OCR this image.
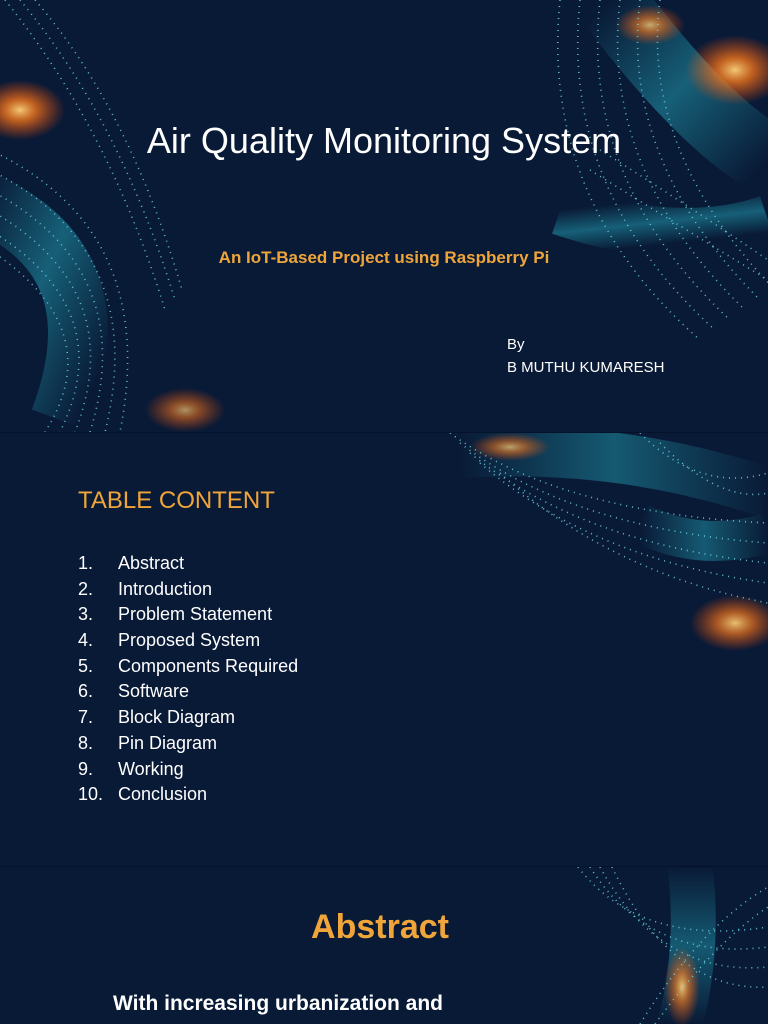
Air Quality Monitoring System
An IoT-Based Project using Raspberry Pi
By
B MUTHU KUMARESH
TABLE CONTENT
1. Abstract
2. Introduction
3. Problem Statement
4. Proposed System
5. Components Required
6. Software
7. Block Diagram
8. Pin Diagram
9. Working
10. Conclusion
Abstract
With increasing urbanization and
